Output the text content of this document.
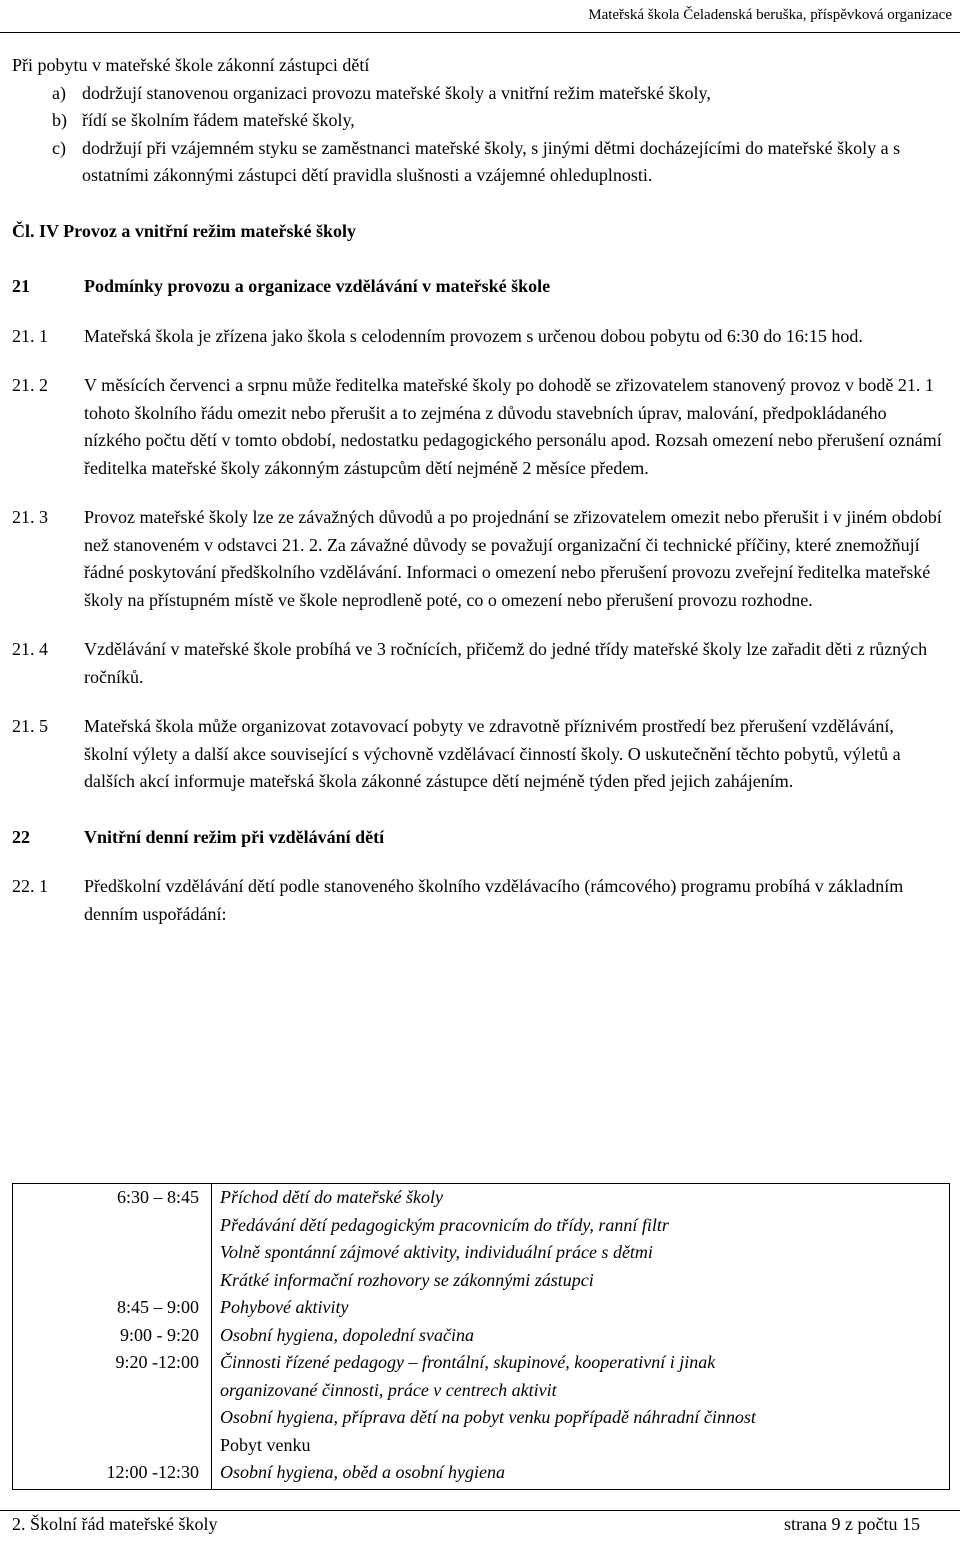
Mateřská škola Čeladenská beruška, příspěvková organizace

Při pobytu v mateřské škole zákonní zástupci dětí

a) dodržují stanovenou organizaci provozu mateřské školy a vnitřní režim mateřské školy,
b) řídí se školním řádem mateřské školy,
c) dodržují při vzájemném styku se zaměstnanci mateřské školy, s jinými dětmi docházejícími do mateřské školy a s ostatními zákonnými zástupci dětí pravidla slušnosti a vzájemné ohleduplnosti.
Čl. IV Provoz a vnitřní režim mateřské školy
21	Podmínky provozu a organizace vzdělávání v mateřské škole
21. 1	Mateřská škola je zřízena jako škola s celodenním provozem s určenou dobou pobytu od 6:30 do 16:15 hod.
21. 2	V měsících červenci a srpnu může ředitelka mateřské školy po dohodě se zřizovatelem stanovený provoz v bodě 21. 1 tohoto školního řádu omezit nebo přerušit a to zejména z důvodu stavebních úprav, malování, předpokládaného nízkého počtu dětí v tomto období, nedostatku pedagogického personálu apod. Rozsah omezení nebo přerušení oznámí ředitelka mateřské školy zákonným zástupcům dětí nejméně 2 měsíce předem.
21. 3	Provoz mateřské školy lze ze závažných důvodů a po projednání se zřizovatelem omezit nebo přerušit i v jiném období než stanoveném v odstavci 21. 2. Za závažné důvody se považují organizační či technické příčiny, které znemožňují řádné poskytování předškolního vzdělávání. Informaci o omezení nebo přerušení provozu zveřejní ředitelka mateřské školy na přístupném místě ve škole neprodleně poté, co o omezení nebo přerušení provozu rozhodne.
21. 4	Vzdělávání v mateřské škole probíhá ve 3 ročnících, přičemž do jedné třídy mateřské školy lze zařadit děti z různých ročníků.
21. 5	Mateřská škola může organizovat zotavovací pobyty ve zdravotně příznivém prostředí bez přerušení vzdělávání, školní výlety a další akce související s výchovně vzdělávací činností školy. O uskutečnění těchto pobytů, výletů a dalších akcí informuje mateřská škola zákonné zástupce dětí nejméně týden před jejich zahájením.
22	Vnitřní denní režim při vzdělávání dětí
22. 1	Předškolní vzdělávání dětí podle stanoveného školního vzdělávacího (rámcového) programu probíhá v základním denním uspořádání:
6:30 – 8:45	Příchod dětí do mateřské školy
Předávání dětí pedagogickým pracovnicím do třídy, ranní filtr
Volně spontánní zájmové aktivity, individuální práce s dětmi
Krátké informační rozhovory se zákonnými zástupci
8:45 – 9:00	Pohybové aktivity
9:00 - 9:20	Osobní hygiena, dopolední svačina
9:20 -12:00	Činnosti řízené pedagogy – frontální, skupinové, kooperativní i jinak
organizované činnosti, práce v centrech aktivit
Osobní hygiena, příprava dětí na pobyt venku popřípadě náhradní činnost
Pobyt venku
12:00 -12:30	Osobní hygiena, oběd a osobní hygiena
2. Školní řád mateřské školy	strana 9 z počtu 15
